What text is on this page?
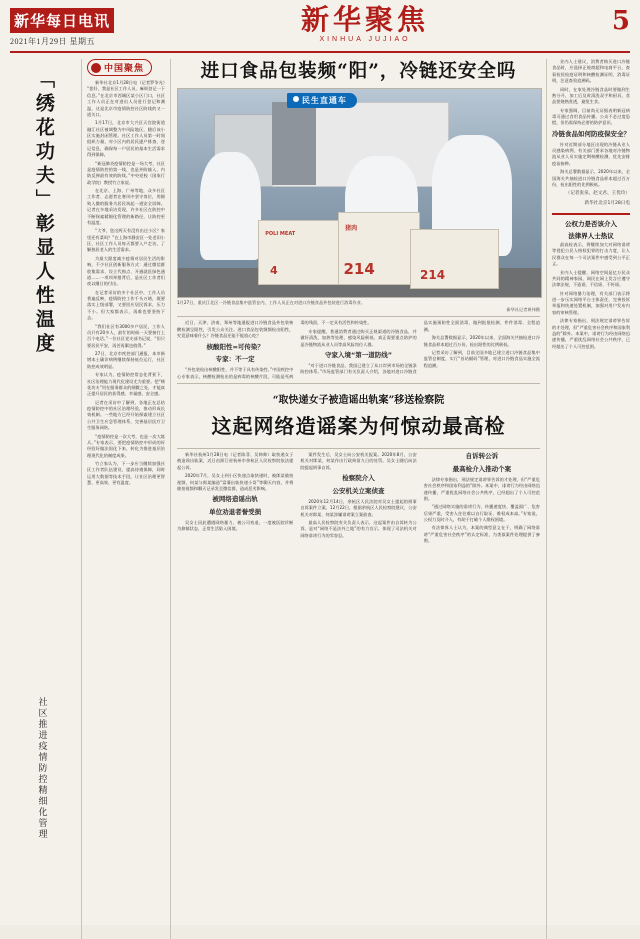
新华每日电讯
2021年1月29日 星期五
新华聚焦
XINHUA JUJIAO
5
「绣花功夫」彰显人性温度
社区推进疫情防控精细化管理
中国聚焦

新华社北京1月28日电（记者罗争光）“您好，我是社区工作人员，麻烦登记一下信息。”在北京市西城区某小区门口，社区工作人员正在对进出人员进行登记和测温，这是北京市疫情防控社区防线的又一道关口。

1月17日，北京市大兴区天宫院街道融汇社区被调整为中风险地区，随后该小区实施封闭管理。社区工作人员第一时间组织力量，对小区内的居民逐户排查、登记信息，确保每一户居民的基本生活需求得到保障。

“新冠肺炎疫情防控是一场大考，社区是疫情防控的第一线，也是外防输入、内防反弹最有效的防线。”中央党校（国家行政学院）教授竹立家说。

在北京、上海、广州等地，众多社区工作者、志愿者在寒风中坚守岗位，用细致入微的服务为居民筑起一道安全屏障。记者在多地采访发现，许多社区在防控中不断探索精细化管理的新路径，让防控更有温度。

“大爷，您这两天有没有出过小区？家里还有菜吗？”在上海市静安区一处老旧小区，社区工作人员每天都要入户走访，了解独居老人的生活需求。

为最大限度减少疫情对居民生活的影响，不少社区创新服务方式：通过微信群收集需求、设立代购点、开通就医绿色通道……一项项举措背后，是社区工作者们夜以继日的付出。

在记者采访的多个社区中，工作人员普遍反映，疫情防控工作千头万绪，既要落实上级部署，又要回应居民诉求，压力不小。但大家都表示，再难也要坚持下去。

“我们社区有3000多户居民，工作人员只有20多人，最忙的时候一天要接打上百个电话。”一位社区党支部书记说，“但只要居民平安，再苦再累也值得。”

27日，北京市疾控部门通报，本市新增本土确诊病例继续保持低位运行，社区防控成效明显。

专家认为，疫情防控常态化背景下，社区治理能力现代化建设尤为重要。把“绣花功夫”用在服务群众的细微之处，才能真正提升居民的获得感、幸福感、安全感。

记者在采访中了解到，各地正在总结疫情防控中的社区治理经验，推动形成长效机制。一些地方已经开始探索建立社区公共卫生应急管理体系，完善基层医疗卫生服务网络。

“疫情防控是一次大考，也是一次大练兵。”专家表示，要把疫情防控中形成的好经验好做法固化下来，转化为推进基层治理现代化的制度成果。

竹立家认为，下一步应当继续加强社区工作者队伍建设，提高待遇保障，同时运用大数据等技术手段，让社区治理更智慧、更高效、更有温度。

进口食品包装频“阳”，冷链还安全吗
POLI MEAT
4
猪肉
214	214
民生直通车
1月27日，重庆江北区一冷链食品集中监管仓内，工作人员正在对进口冷链食品外包装进行消毒作业。
新华社记者黄伟摄

近日，天津、济南、郑州等地通报进口冷链食品外包装核酸检测呈阳性，引发公众关注。进口食品包装频频检出阳性，究竟意味着什么？冷链食品还能不能放心吃？

核酸阳性=可传染？
专家：不一定

“外包装检出核酸阳性，并不等于具有传染性。”中国疾控中心专家表示，核酸检测检出的是病毒的核酸片段，可能是死病毒的残留，不一定具有活性和传染性。

专家提醒，普通消费者通过购买正规渠道的冷链食品，并做好清洗、加热等处理，感染风险极低。真正需要重点防护的是冷链物流从业人员等高风险岗位人群。

守家入境“第一道防线”

“对于进口冷链食品，我国已建立了从口岸到市场的全链条防控体系。”市场监管部门有关负责人介绍，各地对进口冷链食品实施预防性全面消毒，做到批批检测、件件消毒、全程追溯。

海关总署数据显示，2020年以来，全国海关共抽检进口冷链食品样本超过百万份，检出阳性的比例极低。

记者采访了解到，目前全国多地已建立进口冷链食品集中监管仓制度，实行“首站赋码”管理，对进口冷链食品实施全流程追溯。

“取快递女子被造谣出轨案”移送检察院
这起网络造谣案为何惊动最高检

新华社杭州1月28日电（记者陈菲、吴帅帅）取快递女子被造谣出轨案，近日由浙江省杭州市余杭区人民检察院依法提起公诉。

2020年7月，吴女士到小区快递点取快递时，被郎某偷拍视频，何某与郎某编造“富婆出轨快递小哥”等聊天内容，并将偷拍视频和聊天记录发至微信群，造成恶劣影响。

被网络造谣出轨
单位劝退者誉受损

吴女士因此遭遇网络暴力，被公司劝退，一度被医院诊断为抑郁状态，正常生活陷入困境。

案件发生后，吴女士向公安机关报案。2020年8月，公安机关对郎某、何某作出行政拘留九日的处罚。吴女士随后向法院提起刑事自诉。

检察院介入
公安机关立案侦查

2020年12月14日，余杭区人民法院对吴女士提起的刑事自诉案件立案。12月22日，根据余杭区人民检察院建议，公安机关对郎某、何某涉嫌诽谤案立案侦查。

最高人民检察院有关负责人表示，这起案件由自诉转为公诉，是对“网络不是法外之地”的有力宣示，体现了司法机关对网络诽谤行为的零容忍。

自诉转公诉
最高检介入推动个案

法律专家指出，刑法规定诽谤罪告诉的才处理，但“严重危害社会秩序和国家利益的”除外。本案中，诽谤行为经由网络迅速传播，严重扰乱网络社会公共秩序，已经超出了个人可控范围。

“通过网络实施的诽谤行为，传播速度快、覆盖面广、危害后果严重，受害人往往难以自行取证、维权成本高。”专家说，公权力及时介入，有助于打破个人维权困境。

有法律界人士认为，本案的典型意义在于，明确了网络诽谤“严重危害社会秩序”的认定标准，为类似案件处理提供了参照。

业内人士建议，消费者购买进口冷链食品时，应选择正规商超和电商平台，查看检验检疫证明和核酸检测证明、消毒证明，注意查验追溯码。

同时，在家处理冷链食品时要做到生熟分开，加工后及时清洗双手和厨具，食品要烧熟煮透，避免生食。

专家强调，目前尚无证据表明新冠病毒可通过食用食品传播。公众不必过度恐慌，但仍需保持必要的防护意识。

冷链食品如何防疫保安全？

针对近期部分地区出现的冷链从业人员感染病例，有关部门要求各地对冷链物流从业人员实施定期核酸检测，优先安排疫苗接种。

海关总署数据显示，2020年以来，全国海关共抽检进口冷链食品样本超过百万份，检出阳性的比例极低。

（记者张泉、赵文君、王优玲）
新华社北京1月28日电
公权力是否该介入
法律界人士热议

最高检表示，将继续加大对网络诽谤等侵犯公民人格权犯罪的打击力度，让人民群众在每一个司法案件中感受到公平正义。

业内人士提醒，网络空间是亿万民众共同的精神家园，网民在网上发言应遵守法律法规，不造谣、不信谣、不传谣。

针对网络暴力治理，有关部门表示将进一步压实网络平台主体责任，完善投诉举报和快速处置机制，加强对用户发布内容的审核管理。

法律专家指出，刑法规定诽谤罪告诉的才处理，但“严重危害社会秩序和国家利益的”除外。本案中，诽谤行为经由网络迅速传播，严重扰乱网络社会公共秩序，已经超出了个人可控范围。
